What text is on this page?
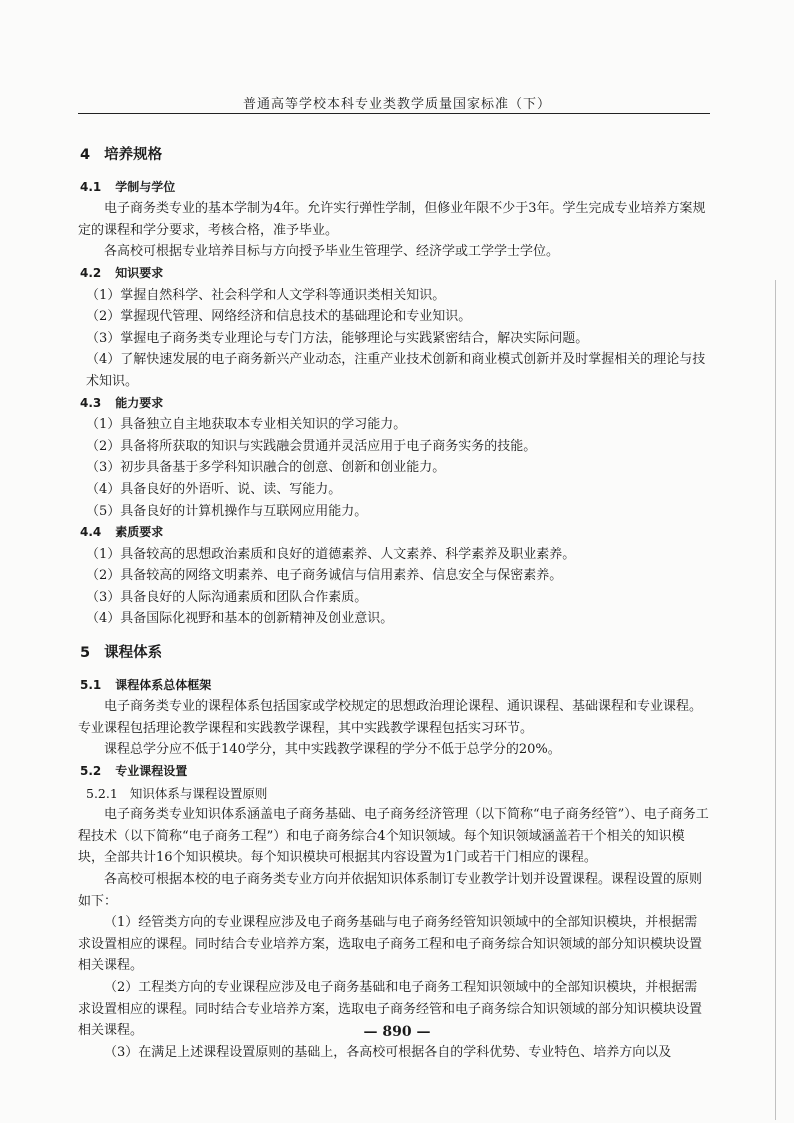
普通高等学校本科专业类教学质量国家标准（下）

4 培养规格

4.1 学制与学位

电子商务类专业的基本学制为4年。允许实行弹性学制，但修业年限不少于3年。学生完成专业培养方案规定的课程和学分要求，考核合格，准予毕业。

各高校可根据专业培养目标与方向授予毕业生管理学、经济学或工学学士学位。

4.2 知识要求

（1）掌握自然科学、社会科学和人文学科等通识类相关知识。

（2）掌握现代管理、网络经济和信息技术的基础理论和专业知识。

（3）掌握电子商务类专业理论与专门方法，能够理论与实践紧密结合，解决实际问题。

（4）了解快速发展的电子商务新兴产业动态，注重产业技术创新和商业模式创新并及时掌握相关的理论与技术知识。

4.3 能力要求

（1）具备独立自主地获取本专业相关知识的学习能力。

（2）具备将所获取的知识与实践融会贯通并灵活应用于电子商务实务的技能。

（3）初步具备基于多学科知识融合的创意、创新和创业能力。

（4）具备良好的外语听、说、读、写能力。

（5）具备良好的计算机操作与互联网应用能力。

4.4 素质要求

（1）具备较高的思想政治素质和良好的道德素养、人文素养、科学素养及职业素养。

（2）具备较高的网络文明素养、电子商务诚信与信用素养、信息安全与保密素养。

（3）具备良好的人际沟通素质和团队合作素质。

（4）具备国际化视野和基本的创新精神及创业意识。

5 课程体系

5.1 课程体系总体框架

电子商务类专业的课程体系包括国家或学校规定的思想政治理论课程、通识课程、基础课程和专业课程。专业课程包括理论教学课程和实践教学课程，其中实践教学课程包括实习环节。

课程总学分应不低于140学分，其中实践教学课程的学分不低于总学分的20%。

5.2 专业课程设置

5.2.1 知识体系与课程设置原则

电子商务类专业知识体系涵盖电子商务基础、电子商务经济管理（以下简称“电子商务经管”）、电子商务工程技术（以下简称“电子商务工程”）和电子商务综合4个知识领域。每个知识领域涵盖若干个相关的知识模块，全部共计16个知识模块。每个知识模块可根据其内容设置为1门或若干门相应的课程。

各高校可根据本校的电子商务类专业方向并依据知识体系制订专业教学计划并设置课程。课程设置的原则如下：

（1）经管类方向的专业课程应涉及电子商务基础与电子商务经管知识领域中的全部知识模块，并根据需求设置相应的课程。同时结合专业培养方案，选取电子商务工程和电子商务综合知识领域的部分知识模块设置相关课程。

（2）工程类方向的专业课程应涉及电子商务基础和电子商务工程知识领域中的全部知识模块，并根据需求设置相应的课程。同时结合专业培养方案，选取电子商务经管和电子商务综合知识领域的部分知识模块设置相关课程。

（3）在满足上述课程设置原则的基础上，各高校可根据各自的学科优势、专业特色、培养方向以及

— 890 —
